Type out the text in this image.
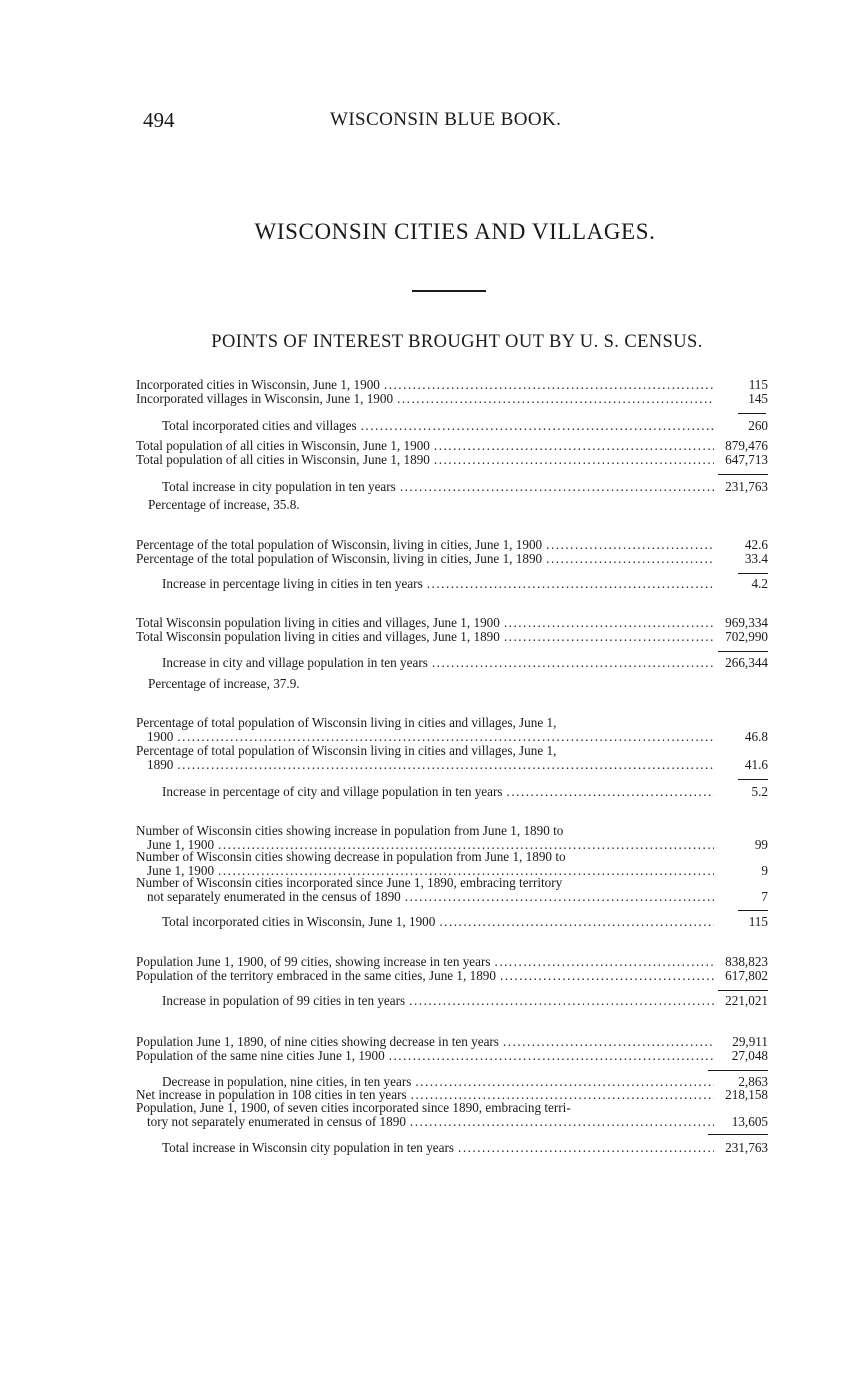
494	WISCONSIN BLUE BOOK.
WISCONSIN CITIES AND VILLAGES.
POINTS OF INTEREST BROUGHT OUT BY U. S. CENSUS.
Incorporated cities in Wisconsin, June 1, 1900 .....	115
Incorporated villages in Wisconsin, June 1, 1900 .....	145
Total incorporated cities and villages .....	260
Total population of all cities in Wisconsin, June 1, 1900 .....	879,476
Total population of all cities in Wisconsin, June 1, 1890 .....	647,713
Total increase in city population in ten years .....	231,763
Percentage of increase, 35.8.
Percentage of the total population of Wisconsin, living in cities, June 1, 1900 .....	42.6
Percentage of the total population of Wisconsin, living in cities, June 1, 1890 .....	33.4
Increase in percentage living in cities in ten years .....	4.2
Total Wisconsin population living in cities and villages, June 1, 1900 .....	969,334
Total Wisconsin population living in cities and villages, June 1, 1890 .....	702,990
Increase in city and village population in ten years .....	266,344
Percentage of increase, 37.9.
Percentage of total population of Wisconsin living in cities and villages, June 1,
1900 .....	46.8
Percentage of total population of Wisconsin living in cities and villages, June 1,
1890 .....	41.6
Increase in percentage of city and village population in ten years .....	5.2
Number of Wisconsin cities showing increase in population from June 1, 1890 to
June 1, 1900 .....	99
Number of Wisconsin cities showing decrease in population from June 1, 1890 to
June 1, 1900 .....	9
Number of Wisconsin cities incorporated since June 1, 1890, embracing territory
not separately enumerated in the census of 1890 .....	7
Total incorporated cities in Wisconsin, June 1, 1900 .....	115
Population June 1, 1900, of 99 cities, showing increase in ten years .....	838,823
Population of the territory embraced in the same cities, June 1, 1890 .....	617,802
Increase in population of 99 cities in ten years .....	221,021
Population June 1, 1890, of nine cities showing decrease in ten years .....	29,911
Population of the same nine cities June 1, 1900 .....	27,048
Decrease in population, nine cities, in ten years .....	2,863
Net increase in population in 108 cities in ten years .....	218,158
Population, June 1, 1900, of seven cities incorporated since 1890, embracing terri-
tory not separately enumerated in census of 1890 .....	13,605
Total increase in Wisconsin city population in ten years .....	231,763
